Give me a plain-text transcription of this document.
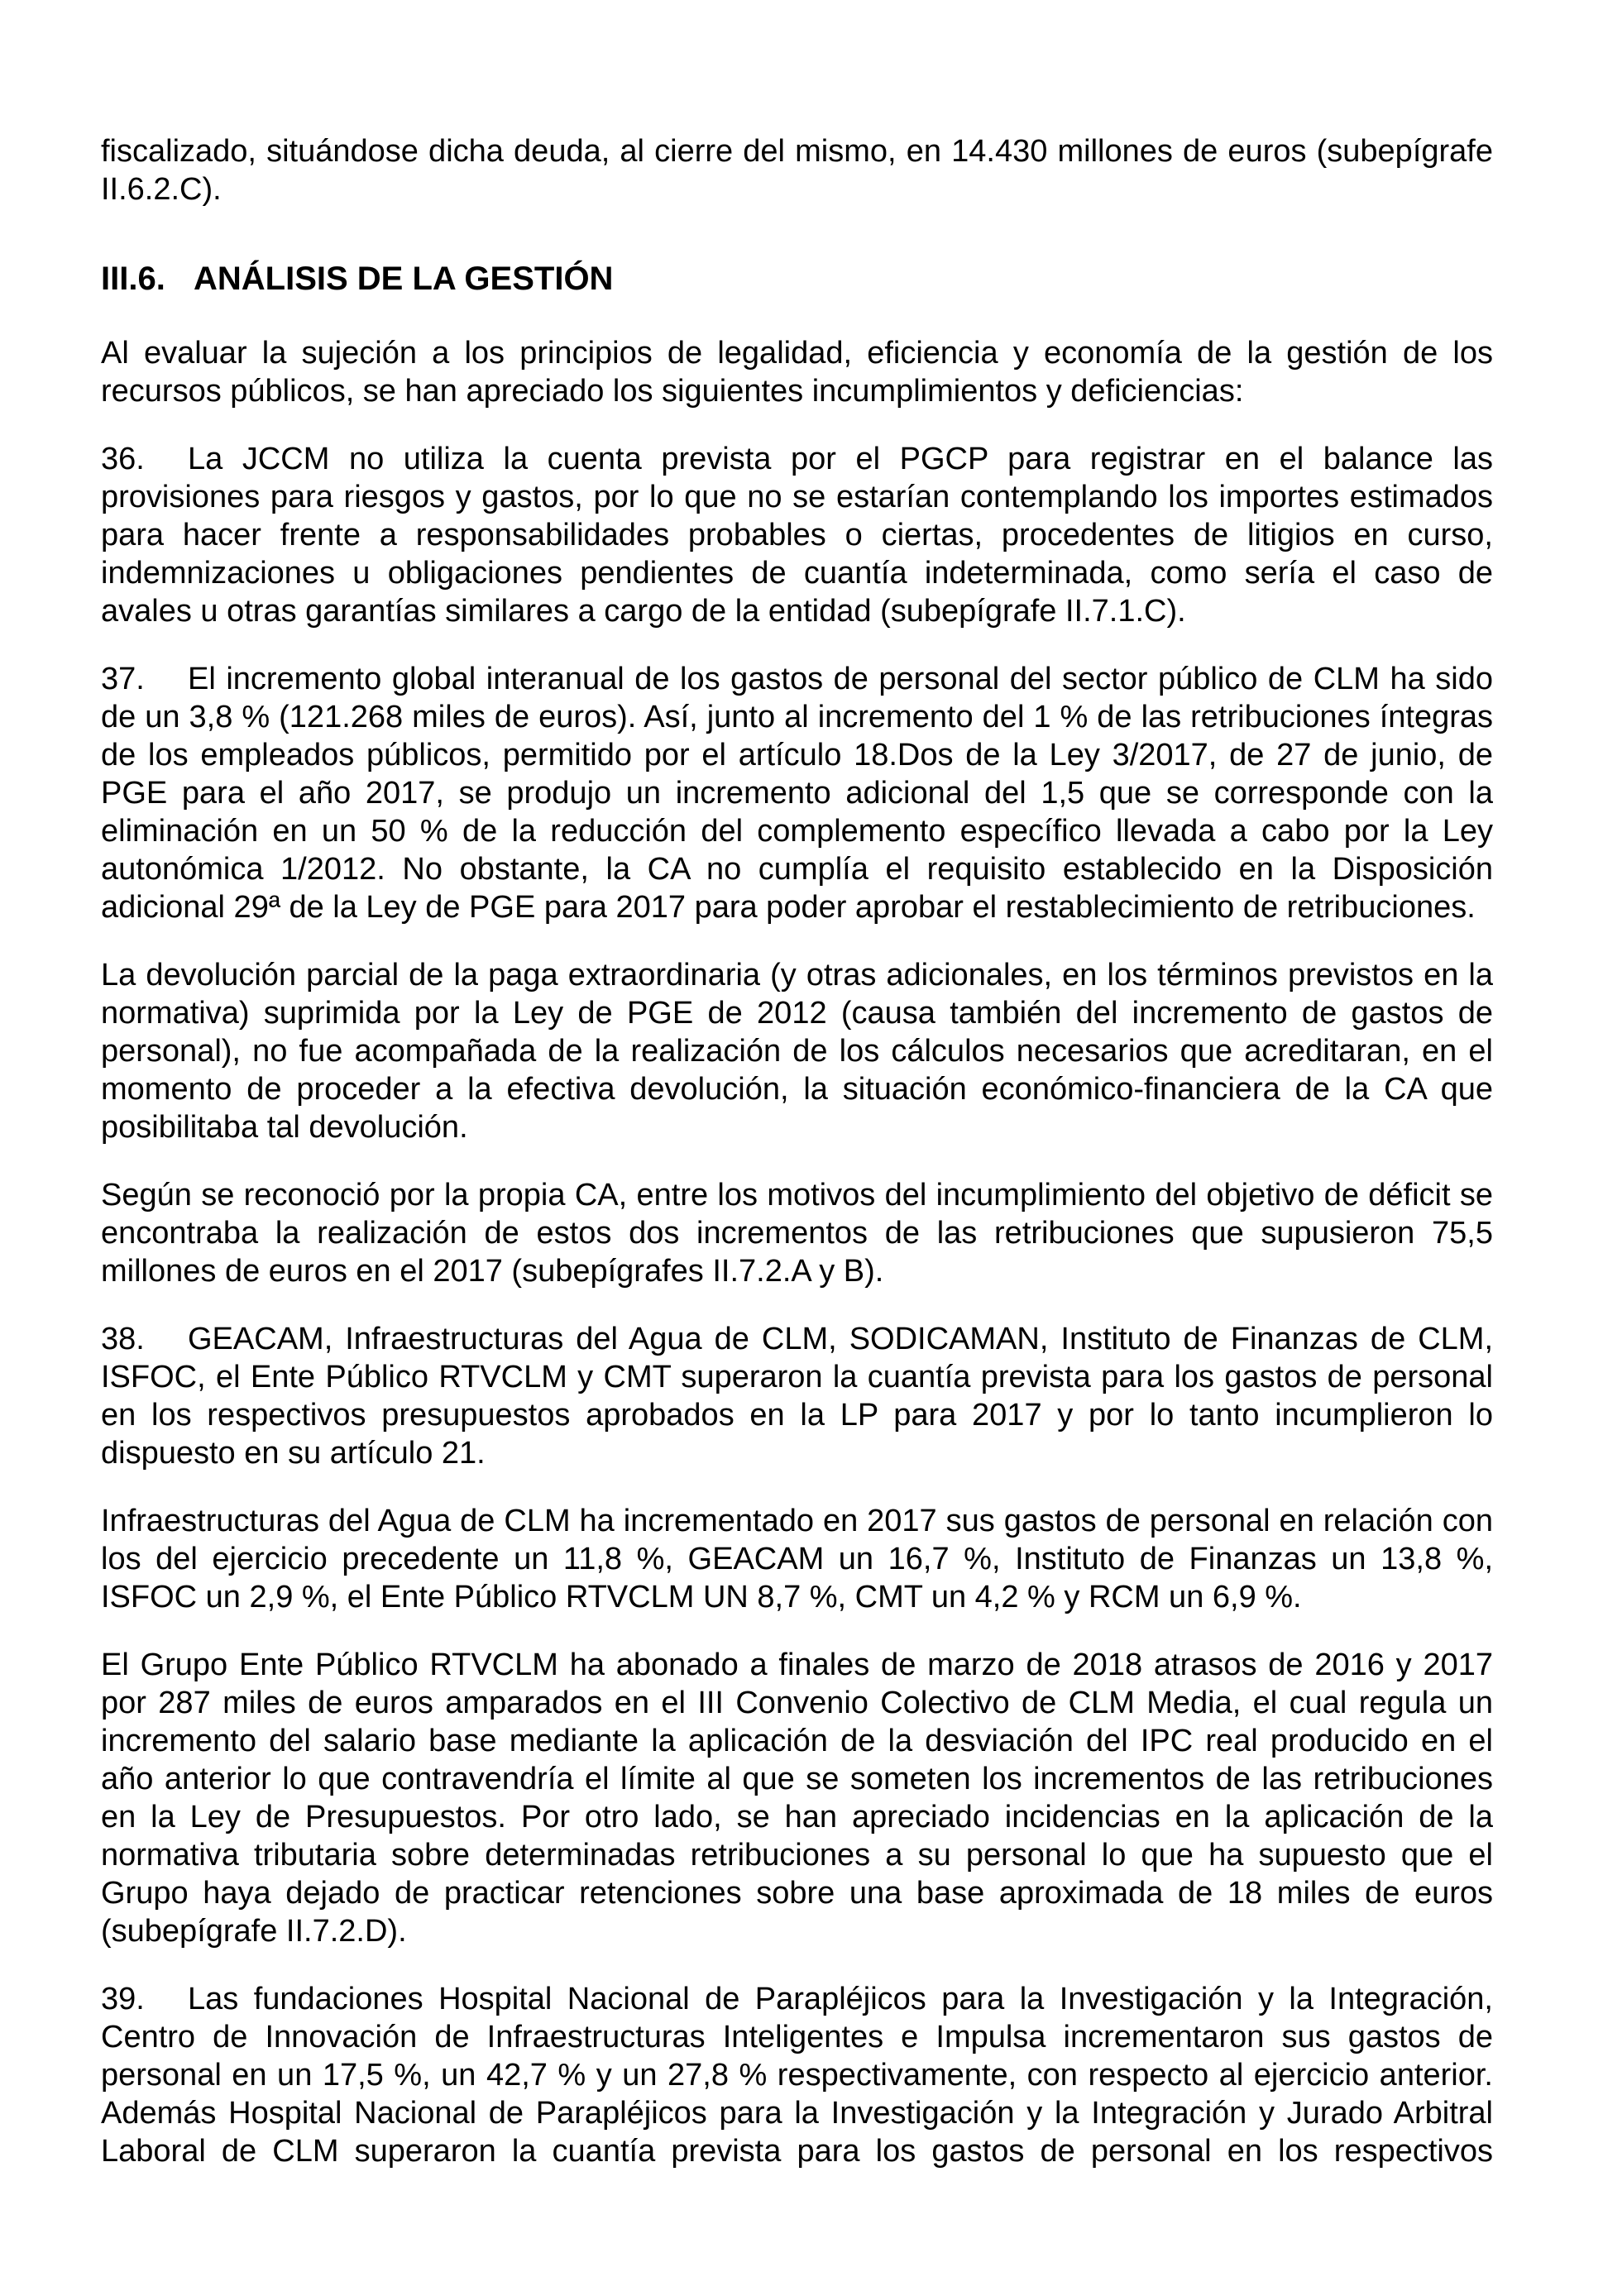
fiscalizado, situándose dicha deuda, al cierre del mismo, en 14.430 millones de euros (subepígrafe II.6.2.C).

III.6. ANÁLISIS DE LA GESTIÓN

Al evaluar la sujeción a los principios de legalidad, eficiencia y economía de la gestión de los recursos públicos, se han apreciado los siguientes incumplimientos y deficiencias:

36. La JCCM no utiliza la cuenta prevista por el PGCP para registrar en el balance las provisiones para riesgos y gastos, por lo que no se estarían contemplando los importes estimados para hacer frente a responsabilidades probables o ciertas, procedentes de litigios en curso, indemnizaciones u obligaciones pendientes de cuantía indeterminada, como sería el caso de avales u otras garantías similares a cargo de la entidad (subepígrafe II.7.1.C).

37. El incremento global interanual de los gastos de personal del sector público de CLM ha sido de un 3,8 % (121.268 miles de euros). Así, junto al incremento del 1 % de las retribuciones íntegras de los empleados públicos, permitido por el artículo 18.Dos de la Ley 3/2017, de 27 de junio, de PGE para el año 2017, se produjo un incremento adicional del 1,5 que se corresponde con la eliminación en un 50 % de la reducción del complemento específico llevada a cabo por la Ley autonómica 1/2012. No obstante, la CA no cumplía el requisito establecido en la Disposición adicional 29ª de la Ley de PGE para 2017 para poder aprobar el restablecimiento de retribuciones.

La devolución parcial de la paga extraordinaria (y otras adicionales, en los términos previstos en la normativa) suprimida por la Ley de PGE de 2012 (causa también del incremento de gastos de personal), no fue acompañada de la realización de los cálculos necesarios que acreditaran, en el momento de proceder a la efectiva devolución, la situación económico-financiera de la CA que posibilitaba tal devolución.

Según se reconoció por la propia CA, entre los motivos del incumplimiento del objetivo de déficit se encontraba la realización de estos dos incrementos de las retribuciones que supusieron 75,5 millones de euros en el 2017 (subepígrafes II.7.2.A y B).

38. GEACAM, Infraestructuras del Agua de CLM, SODICAMAN, Instituto de Finanzas de CLM, ISFOC, el Ente Público RTVCLM y CMT superaron la cuantía prevista para los gastos de personal en los respectivos presupuestos aprobados en la LP para 2017 y por lo tanto incumplieron lo dispuesto en su artículo 21.

Infraestructuras del Agua de CLM ha incrementado en 2017 sus gastos de personal en relación con los del ejercicio precedente un 11,8 %, GEACAM un 16,7 %, Instituto de Finanzas un 13,8 %, ISFOC un 2,9 %, el Ente Público RTVCLM UN 8,7 %, CMT un 4,2 % y RCM un 6,9 %.

El Grupo Ente Público RTVCLM ha abonado a finales de marzo de 2018 atrasos de 2016 y 2017 por 287 miles de euros amparados en el III Convenio Colectivo de CLM Media, el cual regula un incremento del salario base mediante la aplicación de la desviación del IPC real producido en el año anterior lo que contravendría el límite al que se someten los incrementos de las retribuciones en la Ley de Presupuestos. Por otro lado, se han apreciado incidencias en la aplicación de la normativa tributaria sobre determinadas retribuciones a su personal lo que ha supuesto que el Grupo haya dejado de practicar retenciones sobre una base aproximada de 18 miles de euros (subepígrafe II.7.2.D).

39. Las fundaciones Hospital Nacional de Parapléjicos para la Investigación y la Integración, Centro de Innovación de Infraestructuras Inteligentes e Impulsa incrementaron sus gastos de personal en un 17,5 %, un 42,7 % y un 27,8 % respectivamente, con respecto al ejercicio anterior. Además Hospital Nacional de Parapléjicos para la Investigación y la Integración y Jurado Arbitral Laboral de CLM superaron la cuantía prevista para los gastos de personal en los respectivos
